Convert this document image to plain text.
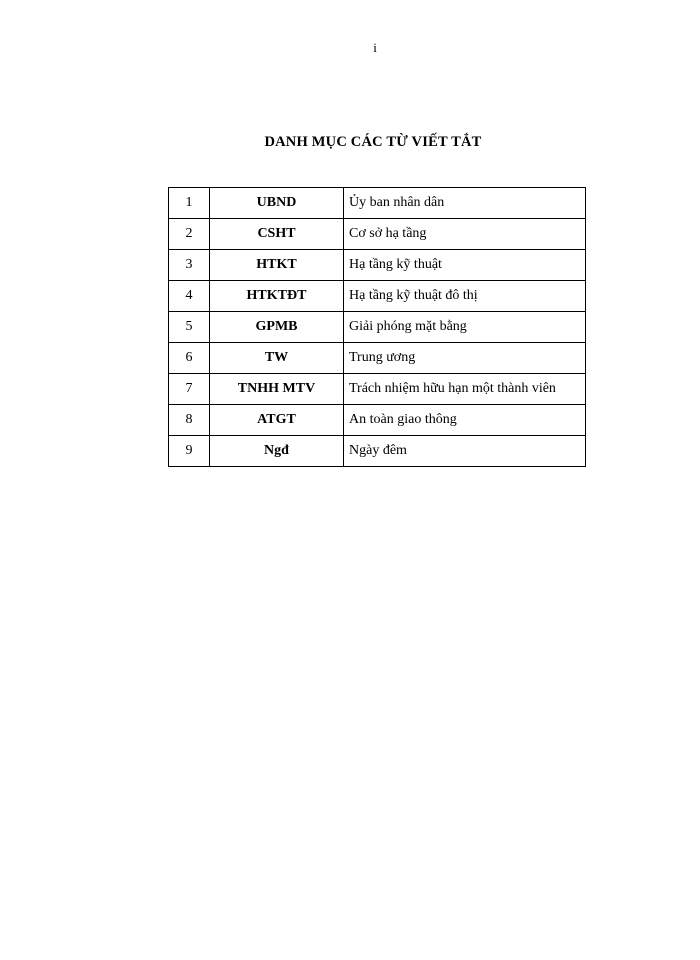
i
DANH MỤC CÁC TỪ VIẾT TẮT
1	UBND	Ủy ban nhân dân
2	CSHT	Cơ sở hạ tầng
3	HTKT	Hạ tầng kỹ thuật
4	HTKTĐT	Hạ tầng kỹ thuật đô thị
5	GPMB	Giải phóng mặt bằng
6	TW	Trung ương
7	TNHH MTV	Trách nhiệm hữu hạn một thành viên
8	ATGT	An toàn giao thông
9	Ngđ	Ngày đêm
